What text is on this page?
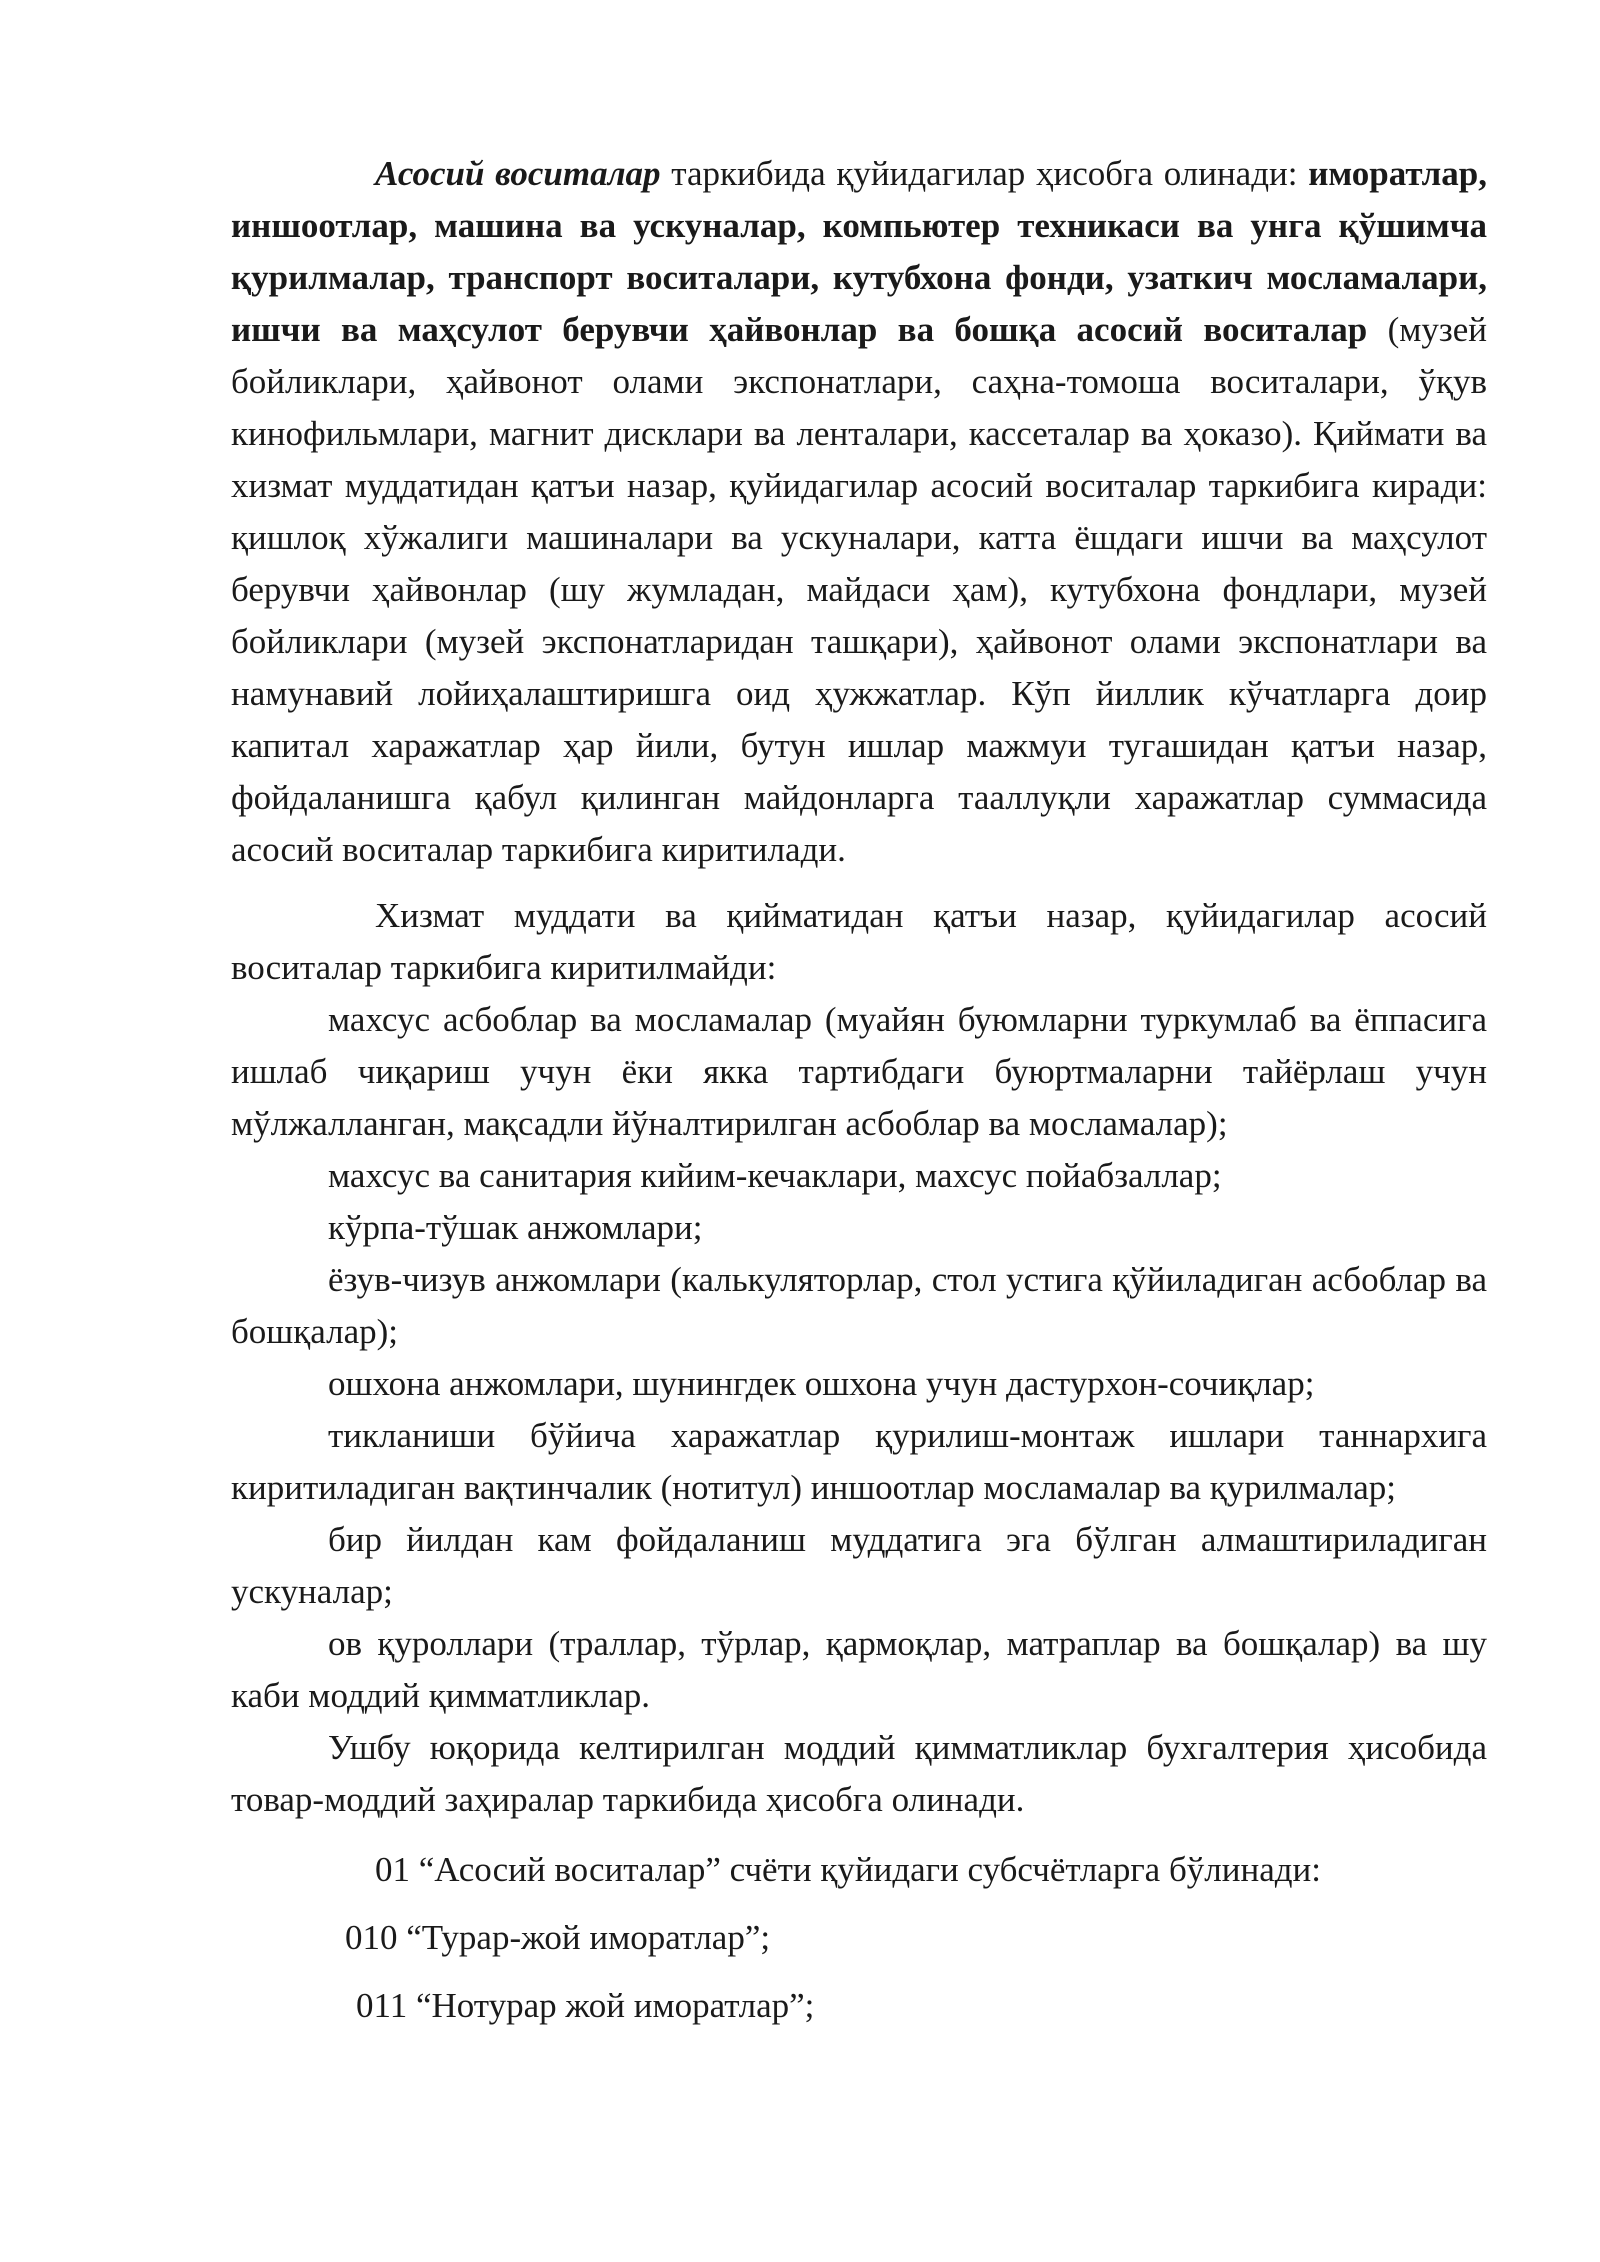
Асосий воситалар таркибида қуйидагилар ҳисобга олинади: иморатлар, иншоотлар, машина ва ускуналар, компьютер техникаси ва унга қўшимча қурилмалар, транспорт воситалари, кутубхона фонди, узаткич мосламалари, ишчи ва маҳсулот берувчи ҳайвонлар ва бошқа асосий воситалар (музей бойликлари, ҳайвонот олами экспонатлари, саҳна-томоша воситалари, ўқув кинофильмлари, магнит дисклари ва ленталари, кассеталар ва ҳоказо). Қиймати ва хизмат муддатидан қатъи назар, қуйидагилар асосий воситалар таркибига киради: қишлоқ хўжалиги машиналари ва ускуналари, катта ёшдаги ишчи ва маҳсулот берувчи ҳайвонлар (шу жумладан, майдаси ҳам), кутубхона фондлари, музей бойликлари (музей экспонатларидан ташқари), ҳайвонот олами экспонатлари ва намунавий лойиҳалаштиришга оид ҳужжатлар. Кўп йиллик кўчатларга доир капитал харажатлар ҳар йили, бутун ишлар мажмуи тугашидан қатъи назар, фойдаланишга қабул қилинган майдонларга тааллуқли харажатлар суммасида асосий воситалар таркибига киритилади.

Хизмат муддати ва қийматидан қатъи назар, қуйидагилар асосий воситалар таркибига киритилмайди:

махсус асбоблар ва мосламалар (муайян буюмларни туркумлаб ва ёппасига ишлаб чиқариш учун ёки якка тартибдаги буюртмаларни тайёрлаш учун мўлжалланган, мақсадли йўналтирилган асбоблар ва мосламалар);

махсус ва санитария кийим-кечаклари, махсус пойабзаллар;

кўрпа-тўшак анжомлари;

ёзув-чизув анжомлари (калькуляторлар, стол устига қўйиладиган асбоблар ва бошқалар);

ошхона анжомлари, шунингдек ошхона учун дастурхон-сочиқлар;

тикланиши бўйича харажатлар қурилиш-монтаж ишлари таннархига киритиладиган вақтинчалик (нотитул) иншоотлар мосламалар ва қурилмалар;

бир йилдан кам фойдаланиш муддатига эга бўлган алмаштириладиган ускуналар;

ов қуроллари (траллар, тўрлар, қармоқлар, матраплар ва бошқалар) ва шу каби моддий қимматликлар.

Ушбу юқорида келтирилган моддий қимматликлар бухгалтерия ҳисобида товар-моддий заҳиралар таркибида ҳисобга олинади.

01 “Асосий воситалар” счёти қуйидаги субсчётларга бўлинади:

010 “Турар-жой иморатлар”;

011 “Нотурар жой иморатлар”;
